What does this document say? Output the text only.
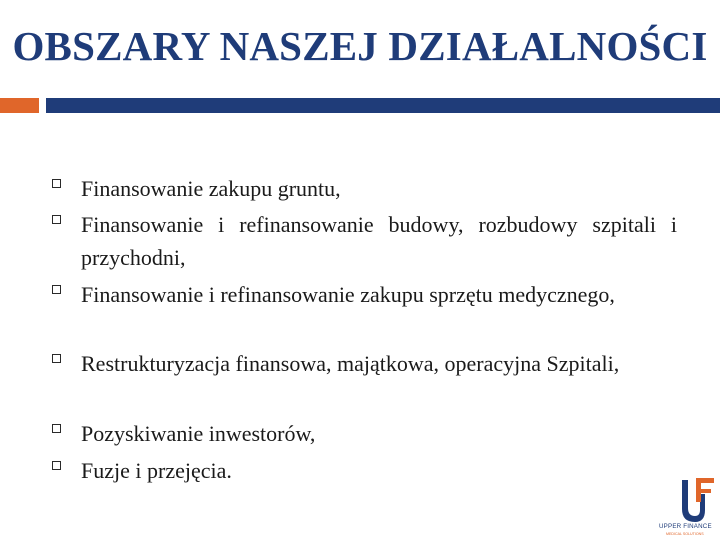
OBSZARY NASZEJ DZIAŁALNOŚCI
Finansowanie zakupu gruntu,
Finansowanie i refinansowanie budowy, rozbudowy szpitali i przychodni,
Finansowanie i refinansowanie zakupu sprzętu medycznego,
Restrukturyzacja finansowa, majątkowa, operacyjna Szpitali,
Pozyskiwanie inwestorów,
Fuzje i przejęcia.
UPPER FINANCE
MEDICAL SOLUTIONS
